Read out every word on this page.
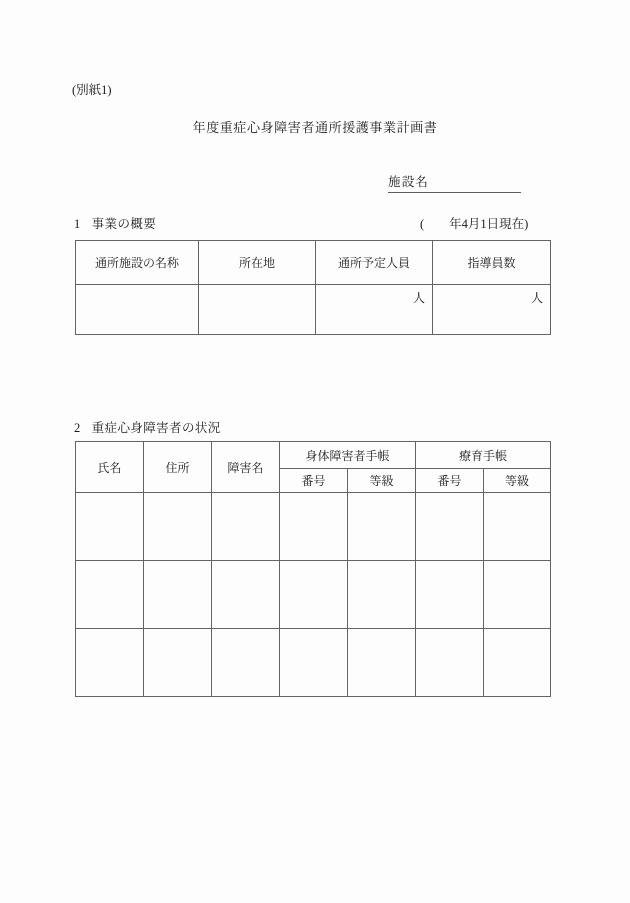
(別紙1)
年度重症心身障害者通所援護事業計画書
施設名
1 事業の概要	(　　年4月1日現在)
通所施設の名称	所在地	通所予定人員	指導員数
		人	人
2 重症心身障害者の状況
氏名	住所	障害名	身体障害者手帳		療育手帳	
			番号	等級	番号	等級
